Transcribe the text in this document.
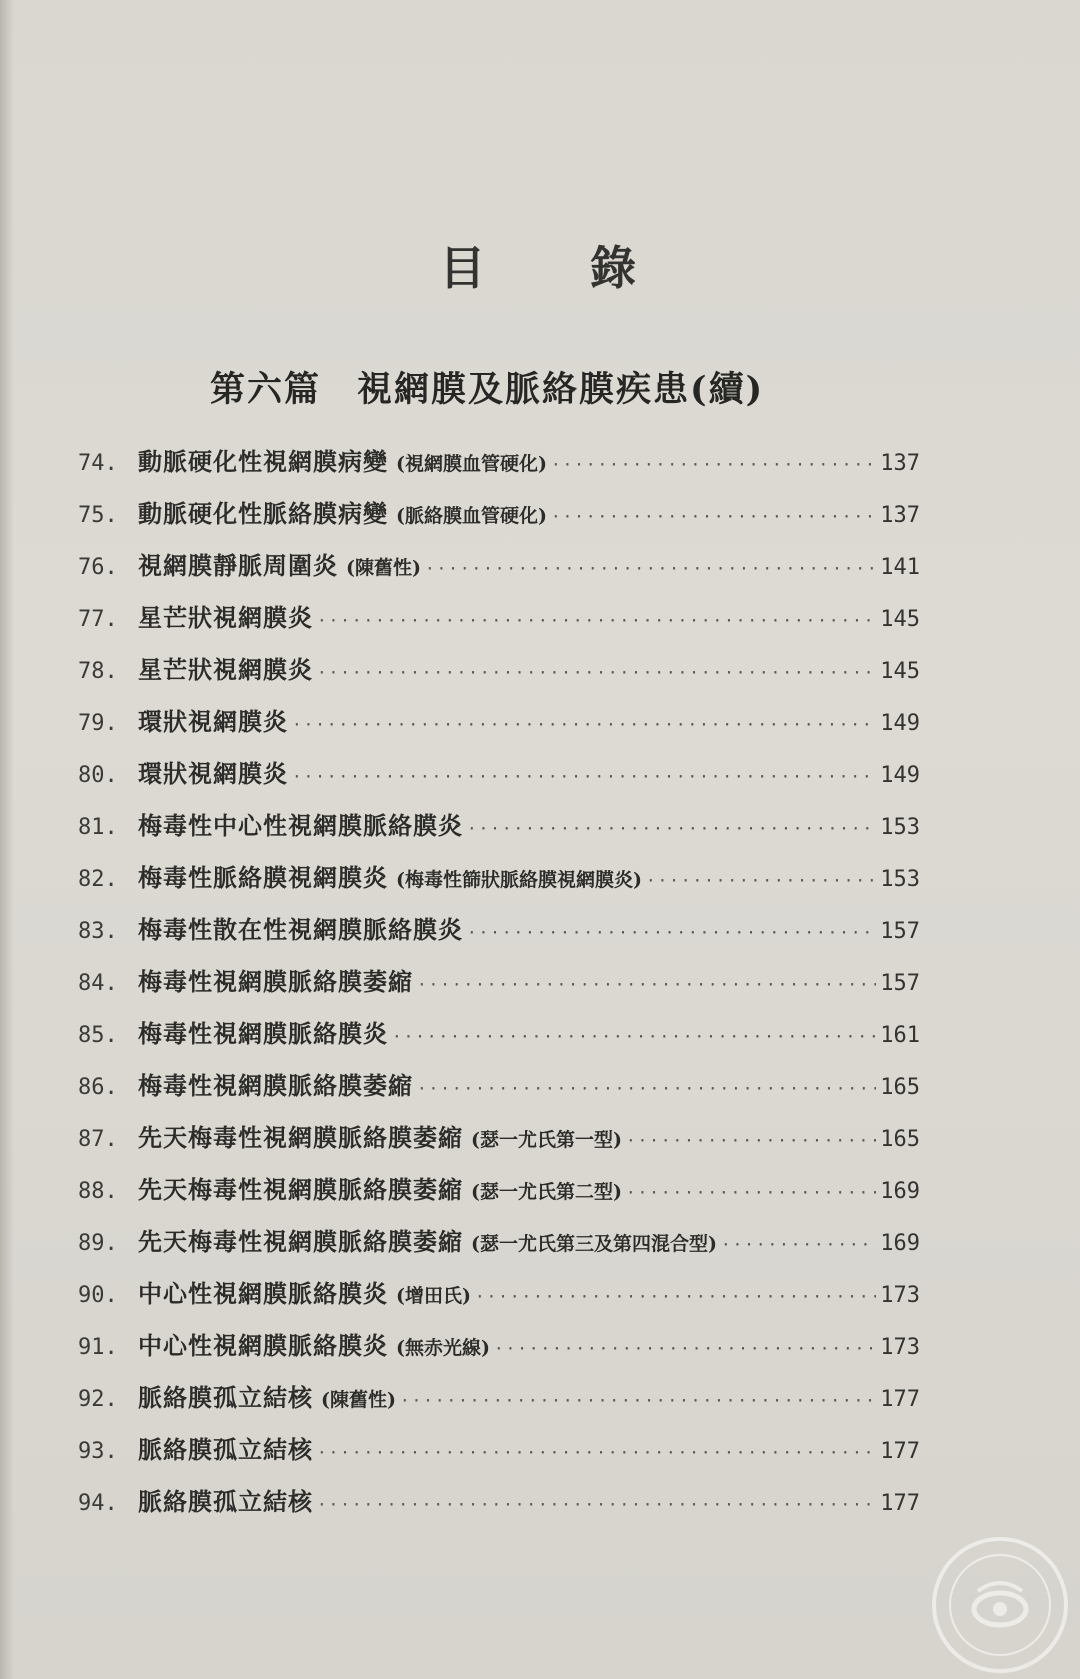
目 錄
第六篇 視網膜及脈絡膜疾患(續)
74. 動脈硬化性視網膜病變 (視網膜血管硬化) ·····	137
75. 動脈硬化性脈絡膜病變 (脈絡膜血管硬化) ·····	137
76. 視網膜靜脈周圍炎 (陳舊性) ·····	141
77. 星芒狀視網膜炎 ·····	145
78. 星芒狀視網膜炎 ·····	145
79. 環狀視網膜炎 ·····	149
80. 環狀視網膜炎 ·····	149
81. 梅毒性中心性視網膜脈絡膜炎 ·····	153
82. 梅毒性脈絡膜視網膜炎 (梅毒性篩狀脈絡膜視網膜炎) ·····	153
83. 梅毒性散在性視網膜脈絡膜炎 ·····	157
84. 梅毒性視網膜脈絡膜萎縮 ·····	157
85. 梅毒性視網膜脈絡膜炎 ·····	161
86. 梅毒性視網膜脈絡膜萎縮 ·····	165
87. 先天梅毒性視網膜脈絡膜萎縮 (瑟一尤氏第一型) ·····	165
88. 先天梅毒性視網膜脈絡膜萎縮 (瑟一尤氏第二型) ·····	169
89. 先天梅毒性視網膜脈絡膜萎縮 (瑟一尤氏第三及第四混合型) ·····	169
90. 中心性視網膜脈絡膜炎 (增田氏) ·····	173
91. 中心性視網膜脈絡膜炎 (無赤光線) ·····	173
92. 脈絡膜孤立結核 (陳舊性) ·····	177
93. 脈絡膜孤立結核 ·····	177
94. 脈絡膜孤立結核 ·····	177
